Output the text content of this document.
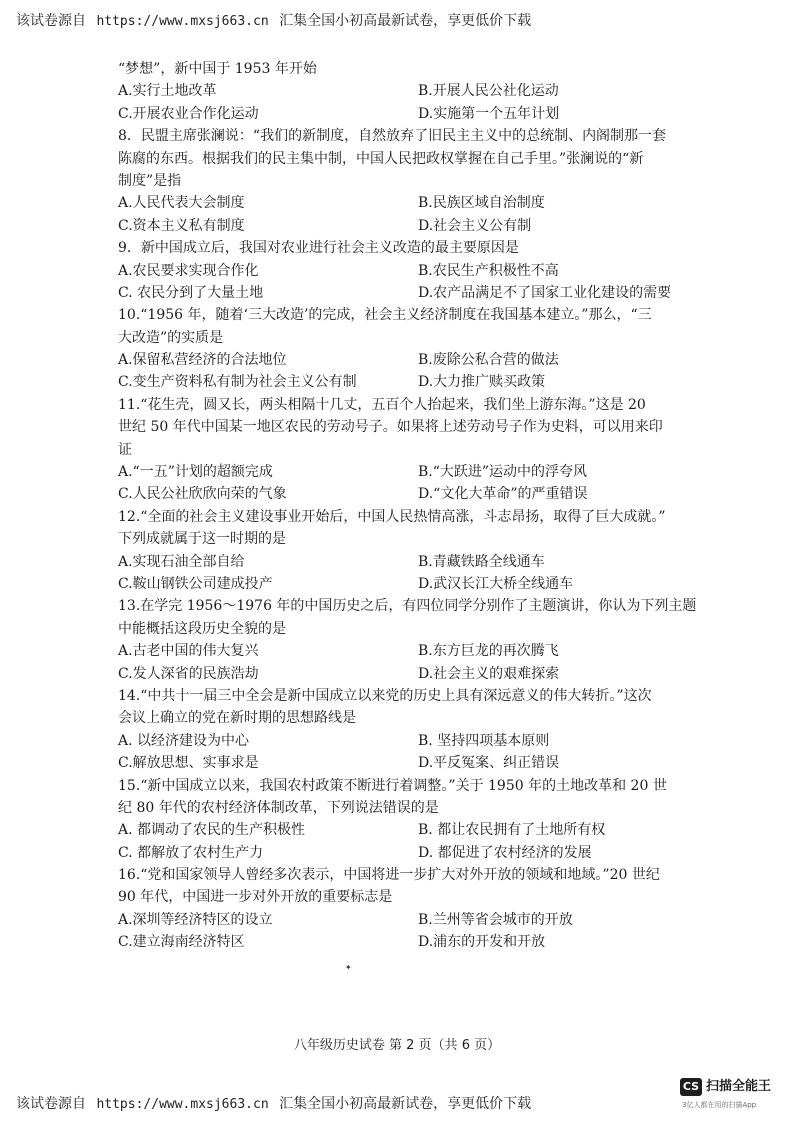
该试卷源自 https://www.mxsj663.cn 汇集全国小初高最新试卷，享更低价下载
“梦想”，新中国于 1953 年开始
A.实行土地改革	B.开展人民公社化运动
C.开展农业合作化运动	D.实施第一个五年计划
8．民盟主席张澜说：“我们的新制度，自然放弃了旧民主主义中的总统制、内阁制那一套
陈腐的东西。根据我们的民主集中制，中国人民把政权掌握在自己手里。”张澜说的“新
制度”是指
A.人民代表大会制度	B.民族区域自治制度
C.资本主义私有制度	D.社会主义公有制
9．新中国成立后，我国对农业进行社会主义改造的最主要原因是
A.农民要求实现合作化	B.农民生产积极性不高
C. 农民分到了大量土地	D.农产品满足不了国家工业化建设的需要
10.“1956 年，随着‘三大改造’的完成，社会主义经济制度在我国基本建立。”那么，“三
大改造”的实质是
A.保留私营经济的合法地位	B.废除公私合营的做法
C.变生产资料私有制为社会主义公有制	D.大力推广赎买政策
11.“花生壳，圆又长，两头相隔十几丈，五百个人抬起来，我们坐上游东海。”这是 20
世纪 50 年代中国某一地区农民的劳动号子。如果将上述劳动号子作为史料，可以用来印
证
A.“一五”计划的超额完成	B.“大跃进”运动中的浮夸风
C.人民公社欣欣向荣的气象	D.“文化大革命”的严重错误
12.“全面的社会主义建设事业开始后，中国人民热情高涨，斗志昂扬，取得了巨大成就。”
下列成就属于这一时期的是
A.实现石油全部自给	B.青藏铁路全线通车
C.鞍山钢铁公司建成投产	D.武汉长江大桥全线通车
13.在学完 1956～1976 年的中国历史之后，有四位同学分别作了主题演讲，你认为下列主题
中能概括这段历史全貌的是
A.古老中国的伟大复兴	B.东方巨龙的再次腾飞
C.发人深省的民族浩劫	D.社会主义的艰难探索
14.“中共十一届三中全会是新中国成立以来党的历史上具有深远意义的伟大转折。”这次
会议上确立的党在新时期的思想路线是
A. 以经济建设为中心	B. 坚持四项基本原则
C.解放思想、实事求是	D.平反冤案、纠正错误
15.“新中国成立以来，我国农村政策不断进行着调整。”关于 1950 年的土地改革和 20 世
纪 80 年代的农村经济体制改革，下列说法错误的是
A. 都调动了农民的生产积极性	B. 都让农民拥有了土地所有权
C. 都解放了农村生产力	D. 都促进了农村经济的发展
16.“党和国家领导人曾经多次表示，中国将进一步扩大对外开放的领域和地域。”20 世纪
90 年代，中国进一步对外开放的重要标志是
A.深圳等经济特区的设立	B.兰州等省会城市的开放
C.建立海南经济特区	D.浦东的开发和开放
✦
八年级历史试卷 第 2 页（共 6 页）
该试卷源自 https://www.mxsj663.cn 汇集全国小初高最新试卷，享更低价下载
CS 扫描全能王
3亿人都在用的扫描App
